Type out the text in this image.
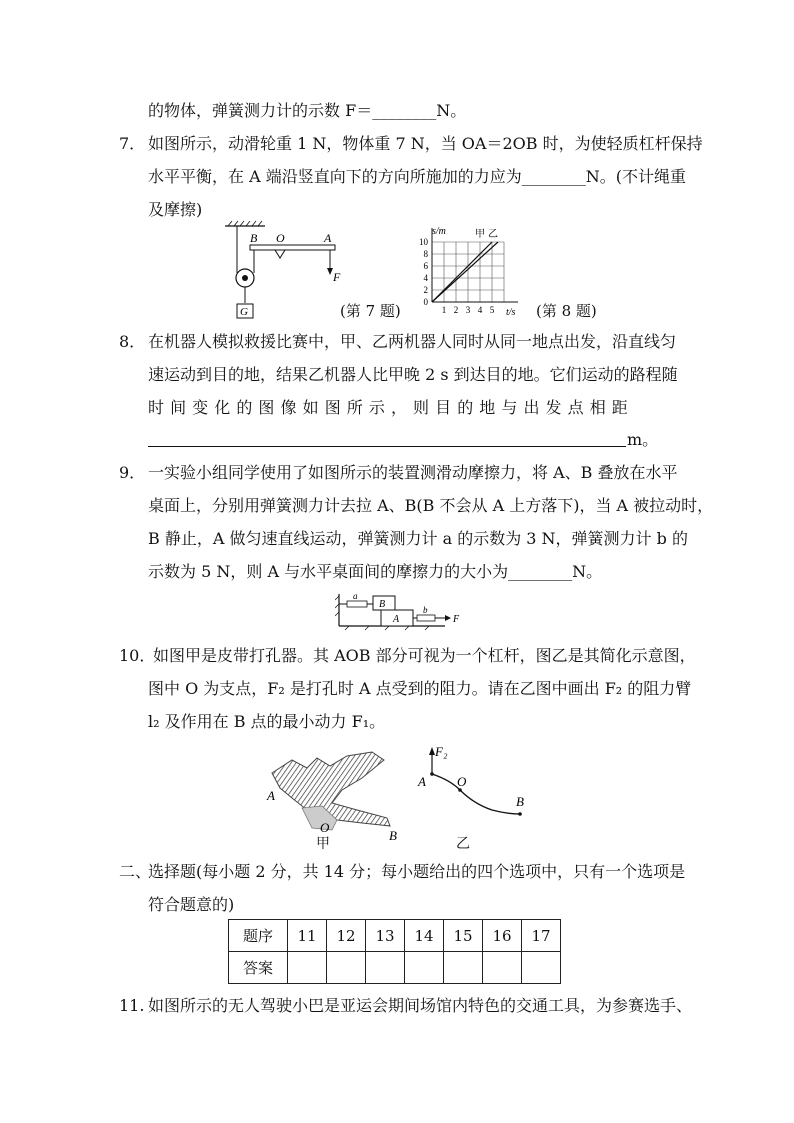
的物体，弹簧测力计的示数 F＝________N。
7． 如图所示，动滑轮重 1 N，物体重 7 N，当 OA＝2OB 时，为使轻质杠杆保持
水平平衡，在 A 端沿竖直向下的方向所施加的力应为________N。(不计绳重
及摩擦)
G
F
B O	A
(第 7 题)
10
8
6
4
2
0
1 2 3 4 5
s/m
t/s
甲 乙
(第 8 题)
8． 在机器人模拟救援比赛中，甲、乙两机器人同时从同一地点出发，沿直线匀
速运动到目的地，结果乙机器人比甲晚 2 s 到达目的地。它们运动的路程随
时 间 变 化 的 图 像 如 图 所 示 ， 则 目 的 地 与 出 发 点 相 距
m。
9． 一实验小组同学使用了如图所示的装置测滑动摩擦力，将 A、B 叠放在水平
桌面上，分别用弹簧测力计去拉 A、B(B 不会从 A 上方落下)，当 A 被拉动时，
B 静止，A 做匀速直线运动，弹簧测力计 a 的示数为 3 N，弹簧测力计 b 的
示数为 5 N，则 A 与水平桌面间的摩擦力的大小为________N。
a
B
A
b
F
10．
如图甲是皮带打孔器。其 AOB 部分可视为一个杠杆，图乙是其简化示意图，
图中 O 为支点，F₂ 是打孔时 A 点受到的阻力。请在乙图中画出 F₂ 的阻力臂
l₂ 及作用在 B 点的最小动力 F₁。
A
O
B
甲
F₂
A O
B
乙
二、
选择题(每小题 2 分，共 14 分；每小题给出的四个选项中，只有一个选项是
符合题意的)
题序	11	12	13	14	15	16	17
答案							
11. 如图所示的无人驾驶小巴是亚运会期间场馆内特色的交通工具，为参赛选手、
